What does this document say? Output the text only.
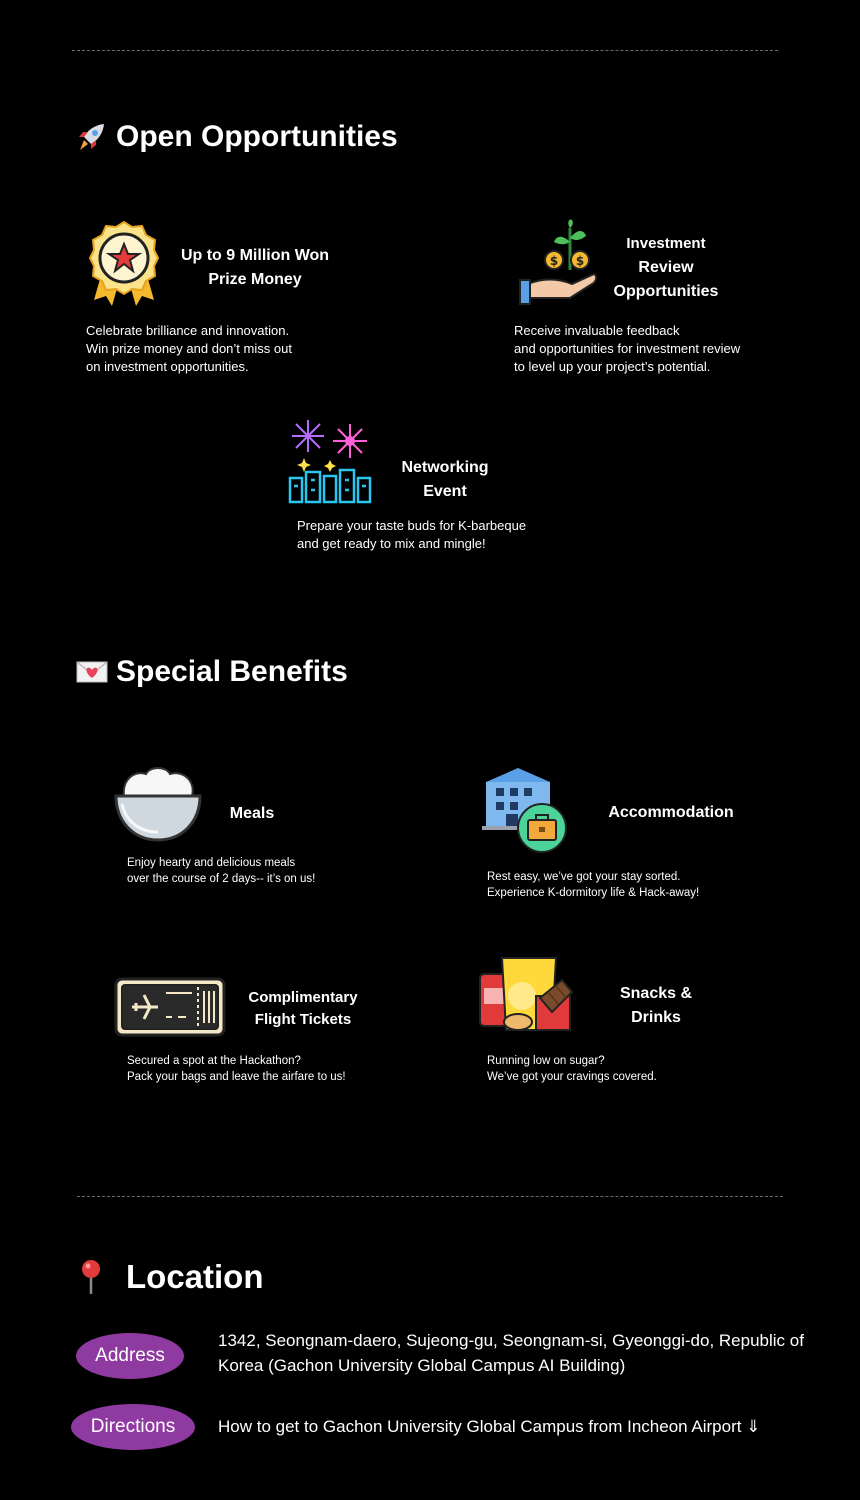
Open Opportunities
Up to 9 Million Won
Prize Money
Celebrate brilliance and innovation.
Win prize money and don’t miss out
on investment opportunities.
$ $
Investment
Review
Opportunities
Receive invaluable feedback
and opportunities for investment review
to level up your project’s potential.
Networking
Event
Prepare your taste buds for K-barbeque
and get ready to mix and mingle!
Special Benefits
Meals
Enjoy hearty and delicious meals
over the course of 2 days-- it’s on us!
Accommodation
Rest easy, we’ve got your stay sorted.
Experience K-dormitory life & Hack-away!
Complimentary
Flight Tickets
Secured a spot at the Hackathon?
Pack your bags and leave the airfare to us!
Snacks &
Drinks
Running low on sugar?
We’ve got your cravings covered.
Location
Address
1342, Seongnam-daero, Sujeong-gu, Seongnam-si, Gyeonggi-do, Republic of Korea (Gachon University Global Campus AI Building)
Directions	How to get to Gachon University Global Campus from Incheon Airport ⇓
